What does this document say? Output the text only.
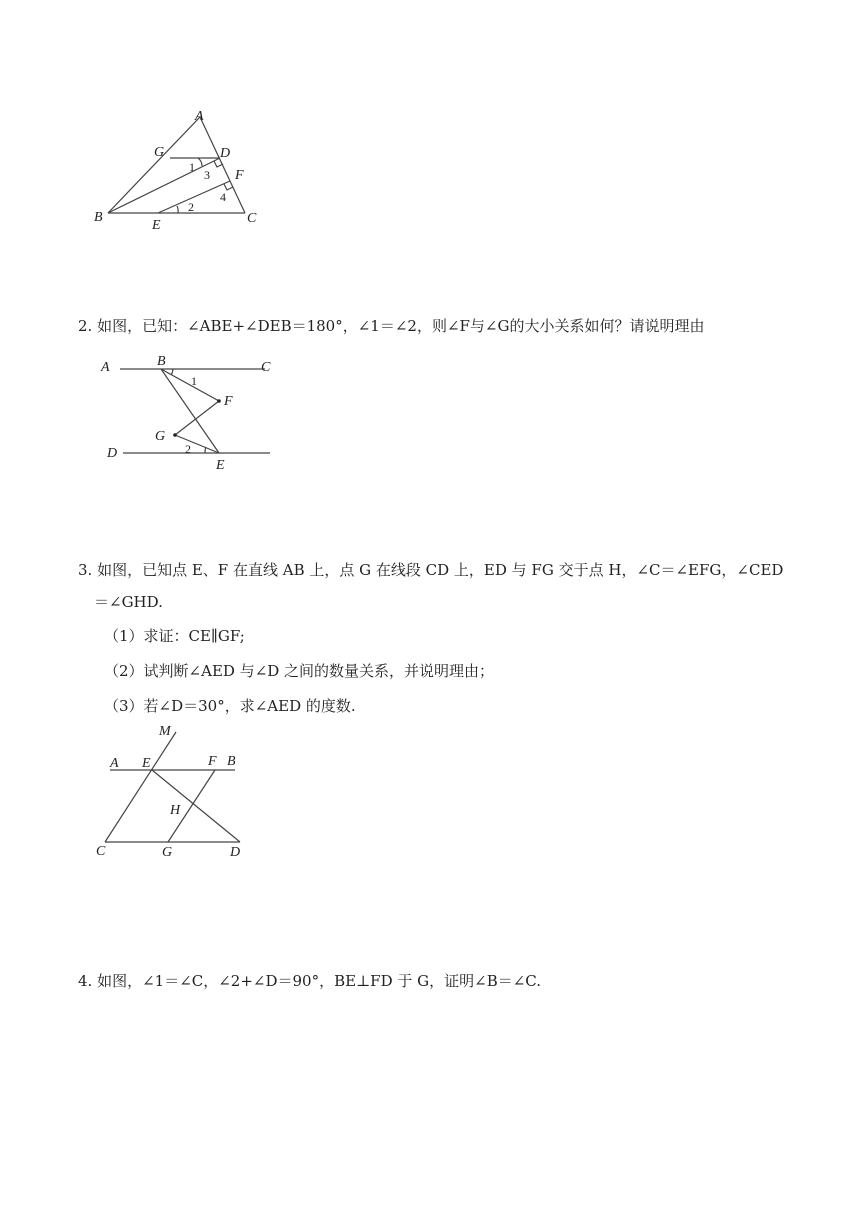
A
G	D
F
B
E	C
1
3
2
4
2. 如图，已知：∠ABE+∠DEB＝180°，∠1＝∠2，则∠F与∠G的大小关系如何？请说明理由
A	B	C
F
G
D
E
1
2
3. 如图，已知点 E、F 在直线 AB 上，点 G 在线段 CD 上，ED 与 FG 交于点 H，∠C＝∠EFG，∠CED
＝∠GHD.
（1）求证：CE∥GF;
（2）试判断∠AED 与∠D 之间的数量关系，并说明理由；
（3）若∠D＝30°，求∠AED 的度数.
M
A E	F B
H
C	G	D
4. 如图，∠1＝∠C，∠2+∠D＝90°，BE⊥FD 于 G，证明∠B＝∠C.
